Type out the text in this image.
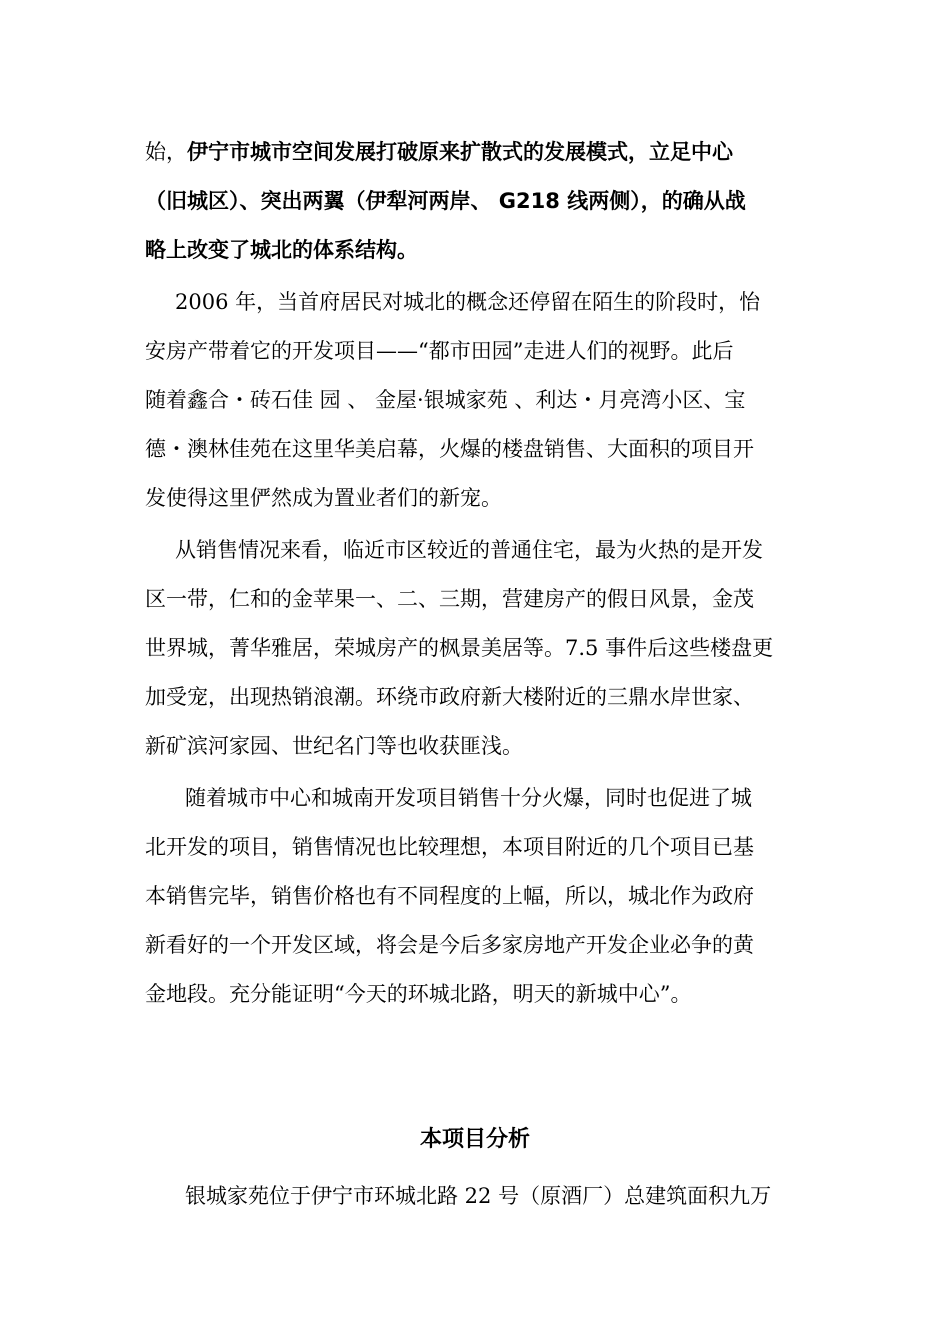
始，伊宁市城市空间发展打破原来扩散式的发展模式，立足中心
（旧城区）、突出两翼（伊犁河两岸、 G218 线两侧），的确从战
略上改变了城北的体系结构。
2006 年，当首府居民对城北的概念还停留在陌生的阶段时，怡
安房产带着它的开发项目——“都市田园”走进人们的视野。此后
随着鑫合・砖石佳 园 、 金屋·银城家苑 、利达・月亮湾小区、宝
德・澳林佳苑在这里华美启幕，火爆的楼盘销售、大面积的项目开
发使得这里俨然成为置业者们的新宠。
从销售情况来看，临近市区较近的普通住宅，最为火热的是开发
区一带，仁和的金苹果一、二、三期，营建房产的假日风景，金茂
世界城，菁华雅居，荣城房产的枫景美居等。7.5 事件后这些楼盘更
加受宠，出现热销浪潮。环绕市政府新大楼附近的三鼎水岸世家、
新矿滨河家园、世纪名门等也收获匪浅。
随着城市中心和城南开发项目销售十分火爆，同时也促进了城
北开发的项目，销售情况也比较理想，本项目附近的几个项目已基
本销售完毕，销售价格也有不同程度的上幅，所以，城北作为政府
新看好的一个开发区域，将会是今后多家房地产开发企业必争的黄
金地段。充分能证明“今天的环城北路，明天的新城中心”。
本项目分析
银城家苑位于伊宁市环城北路 22 号（原酒厂）总建筑面积九万
